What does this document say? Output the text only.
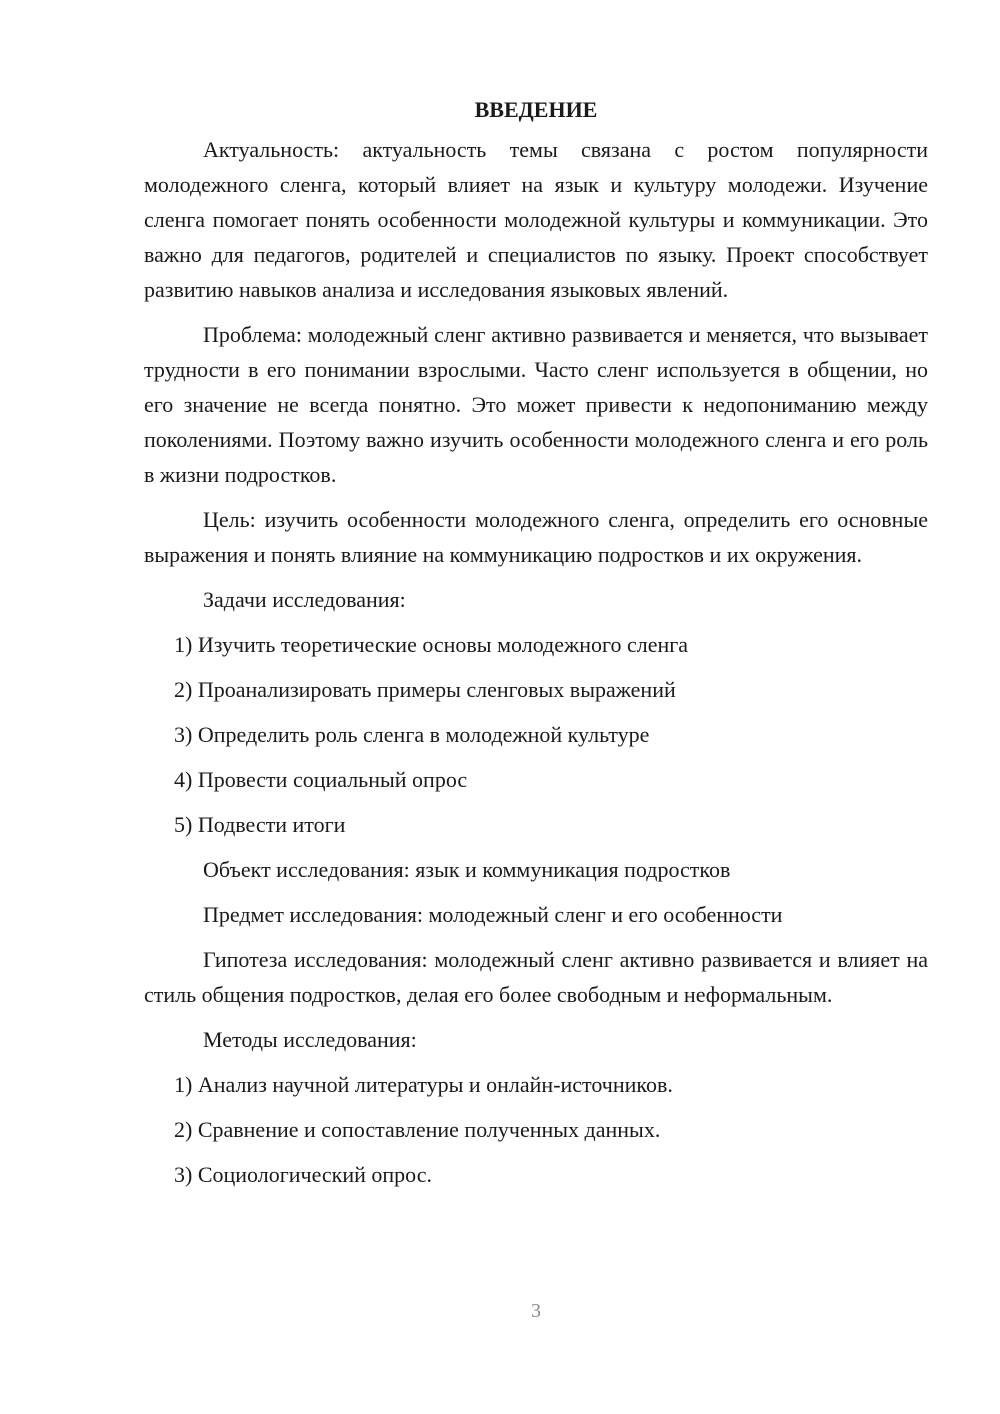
ВВЕДЕНИЕ

Актуальность: актуальность темы связана с ростом популярности молодежного сленга, который влияет на язык и культуру молодежи. Изучение сленга помогает понять особенности молодежной культуры и коммуникации. Это важно для педагогов, родителей и специалистов по языку. Проект способствует развитию навыков анализа и исследования языковых явлений.

Проблема: молодежный сленг активно развивается и меняется, что вызывает трудности в его понимании взрослыми. Часто сленг используется в общении, но его значение не всегда понятно. Это может привести к недопониманию между поколениями. Поэтому важно изучить особенности молодежного сленга и его роль в жизни подростков.

Цель: изучить особенности молодежного сленга, определить его основные выражения и понять влияние на коммуникацию подростков и их окружения.

Задачи исследования:
1) Изучить теоретические основы молодежного сленга
2) Проанализировать примеры сленговых выражений
3) Определить роль сленга в молодежной культуре
4) Провести социальный опрос
5) Подвести итоги
Объект исследования: язык и коммуникация подростков
Предмет исследования: молодежный сленг и его особенности

Гипотеза исследования: молодежный сленг активно развивается и влияет на стиль общения подростков, делая его более свободным и неформальным.

Методы исследования:
1) Анализ научной литературы и онлайн-источников.
2) Сравнение и сопоставление полученных данных.
3) Социологический опрос.
3
